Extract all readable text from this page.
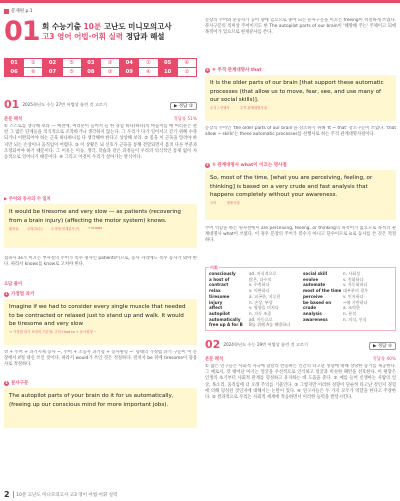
문제편 p.1
01 회 수능기출 10분 고난도 미니모의고사
고3 영어 어법·어휘 실력 정답과 해설
01	②	02	⑤	03	③	04	①	05	④
06	⑥	07	⑤	08	③	09	④	10	②
01 2025학년도 수능 27번 어법상 틀린 것 고르기	▶ 정답 ②
본문 해석	정답률 51%
① 스스로를 생각해 보라 — 예전에, 여러분이 들어서 들 한 경험 하나(하나)의 마음이를 매 여러분은 관련 그 많은 단계들을 의식적으로 조작하거나 생각하지 않는다. 그 우리가 다기 일어서고 걷기 위해 수축되거나 이완되어야 하는 근육 하나하나를 다 생각해야 한다고 상상해 보라. ② 몸을 이 근육을 알려야 하지만 뇌는 손상이나 움직임이 어렵다. ③ 이 상황은 뇌 신호가 근육을 통해 전달되면서 몸의 다른 부분과 조정되어야 하기 때문이다. 그 이유는 이동, 생각, 학습과 같은 과정들이 우리의 의식적인 통제 없이 자동적으로 일어나기 때문이다. ④ 그리고 이것이 우리가 살아가는 방식이다.
▶ 주어와 동사의 수 일치
It would be tiresome and very slow — as patients (recovering from a brain injury) (affecting the motor system) knows.
환자들 주어(복수) 수식어(현재분사구) → knows
접속사 as가 이끄는 부사절의 주어가 복수 명사인 patients이므로, 동사 자리에도 복수 동사가 와야 한다. 따라서 knows를 know로 고쳐야 한다.
오답 풀이
1 가정법 과거
Imagine if we had to consider every single muscle that needed to be contracted or relaxed just to stand up and walk. It would be tiresome and very slow
→ 가정법 과거 표현의 기본형: 주어+had to + 동사원형 ~
'if + 주어 + 과거시제 동사 ~, 주어 + 조동사 과거형 + 동사원형 ~' 형태의 가정법 과거 구문이 이 문장에서 if절 대신 쓰인 것이다. 따라서 would가 쓰인 것은 적절하다. 전치사 be 뒤에 tiresome이 형용사로 적절하다.
3 분사구문
The autopilot parts of your brain do it for us automatically, (freeing up our conscious mind for more important jobs).
문장의 주어와 분동사가 공어 향에 있으므로 종어 되는 분사구문을 이끄는 freeing이 적절하게 쓰였다. 분사구문의 의미상 주어이기도 한 The autopilot parts of our brain이 '해방해 주는' 주체이고 되에 목적어가 있으므로 현재분사를 쓴다.
4 ④ 주격 관계대명사 that
It is the older parts of our brain [that support these automatic processes (that allow us to move, fear, see, and use many of our social skills)].
수식 / 선행사	주격 관계대명사절
문장의 주어인 'the older parts of our brain'을 강조하기 위해 'It ~ that' 강조구문이 쓰였다. 'that allow ~ skills'는 these automatic processes를 선행사로 하는 주격 관계대명사절이다.
5 ② 관계대명사 what이 이끄는 명사절
So, most of the time, [what you are perceiving, feeling, or thinking] is based on a very crude and fast analysis that happens completely without your awareness.
주어	형용사절
주어 역할을 하는 명사절에서 are perceiving, feeling, or thinking의 목적어가 없으므로 목적격 관계대명사 what이 쓰였다. 이 경우 문장의 주어가 복수가 아니고 단수이므로 is로 동사를 쓴 것은 적절하다.
어휘
consciously	ad. 의식적으로
a host of	많은, 다수의
contract	v. 수축하다
relax	v. 이완하다
tiresome	a. 피곤한, 지루한
injury	n. 손상, 부상
affect	v. 영향을 미치다
autopilot	n. 자동 조종
automatically	ad. 자동으로
free up A for B	B를 위해 A를 해방하다
social skill	n. 사회성
evolve	v. 진화하다
automate	v. 자동화하다
most of the time 대부분의 경우
perceive	v. 인지하다
be based on	~에 기반하다
crude	a. 조악한
analysis	n. 분석
awareness	n. 의식, 인식
02 2024학년도 수능 29번 어법상 틀린 것 고르기	▶ 정답 ⑤
본문 해석	정답률 40%
① 많은 연구들은 사회적 자극에 남달리 반응하는 인간의 타고난 성향에 대해 상당한 증거를 제공한다. 그 예로서, 갓 태어난 아기는 얼굴을 우선적으로 인식하고 얼굴과 비슷한 패턴을 선호한다. 이 편향은 인생의 초기부터 사회적 관계를 형성하고 유지하는 데 도움을 준다. ② 예를 들어 신생아는 사람의 얼굴, 목소리, 움직임에 더 오래 주의를 기울인다. ③ 그렇지만 이러한 성향이 단순히 타고난 것인지 경험에 의해 형성된 것인지에 대해서는 논란이 있다. ④ 연구자들은 두 가지 모두가 역할을 한다고 주장한다. ⑤ 결과적으로 우리는 사회적 세계에 적응하면서 이러한 능력을 발달시킨다.
2 10분 고난도 미니모의고사 고3 영어 어법·어휘 실력
